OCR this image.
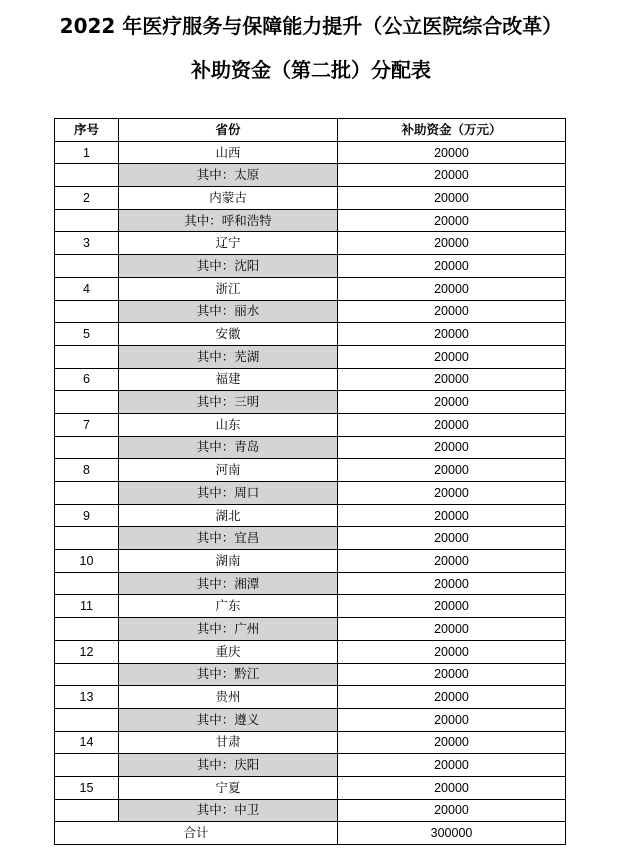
2022 年医疗服务与保障能力提升（公立医院综合改革）
补助资金（第二批）分配表
序号	省份	补助资金（万元）
1	山西	20000
	其中：太原	20000
2	内蒙古	20000
	其中：呼和浩特	20000
3	辽宁	20000
	其中：沈阳	20000
4	浙江	20000
	其中：丽水	20000
5	安徽	20000
	其中：芜湖	20000
6	福建	20000
	其中：三明	20000
7	山东	20000
	其中：青岛	20000
8	河南	20000
	其中：周口	20000
9	湖北	20000
	其中：宜昌	20000
10	湖南	20000
	其中：湘潭	20000
11	广东	20000
	其中：广州	20000
12	重庆	20000
	其中：黔江	20000
13	贵州	20000
	其中：遵义	20000
14	甘肃	20000
	其中：庆阳	20000
15	宁夏	20000
	其中：中卫	20000
合计		300000
